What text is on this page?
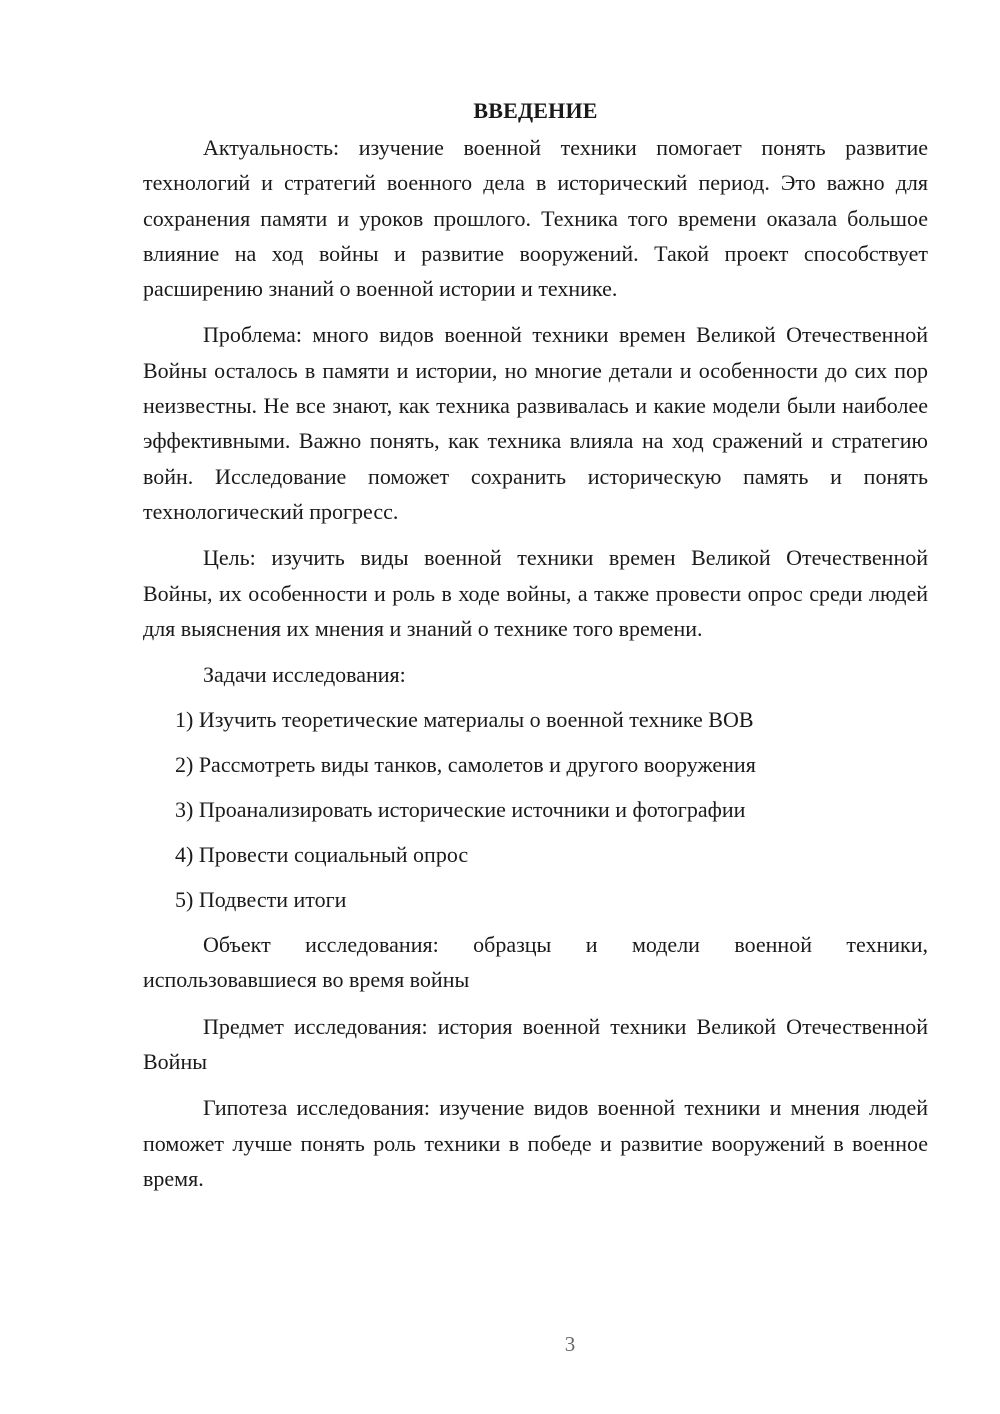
ВВЕДЕНИЕ

Актуальность: изучение военной техники помогает понять развитие технологий и стратегий военного дела в исторический период. Это важно для сохранения памяти и уроков прошлого. Техника того времени оказала большое влияние на ход войны и развитие вооружений. Такой проект способствует расширению знаний о военной истории и технике.

Проблема: много видов военной техники времен Великой Отечественной Войны осталось в памяти и истории, но многие детали и особенности до сих пор неизвестны. Не все знают, как техника развивалась и какие модели были наиболее эффективными. Важно понять, как техника влияла на ход сражений и стратегию войн. Исследование поможет сохранить историческую память и понять технологический прогресс.

Цель: изучить виды военной техники времен Великой Отечественной Войны, их особенности и роль в ходе войны, а также провести опрос среди людей для выяснения их мнения и знаний о технике того времени.

Задачи исследования:

1) Изучить теоретические материалы о военной технике ВОВ

2) Рассмотреть виды танков, самолетов и другого вооружения

3) Проанализировать исторические источники и фотографии

4) Провести социальный опрос

5) Подвести итоги

Объект исследования: образцы и модели военной техники, использовавшиеся во время войны

Предмет исследования: история военной техники Великой Отечественной Войны

Гипотеза исследования: изучение видов военной техники и мнения людей поможет лучше понять роль техники в победе и развитие вооружений в военное время.

3
